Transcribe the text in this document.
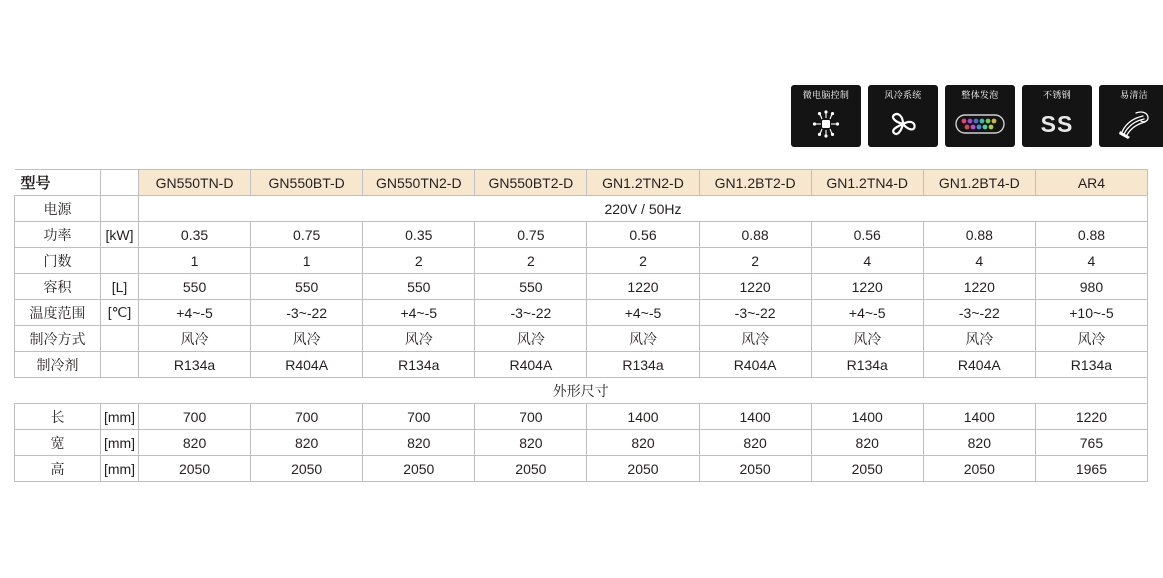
微电脑控制	风冷系统	整体发泡	不锈钢
SS
易清洁
型号		GN550TN-D	GN550BT-D	GN550TN2-D	GN550BT2-D	GN1.2TN2-D	GN1.2BT2-D	GN1.2TN4-D	GN1.2BT4-D	AR4
电源		220V / 50Hz								
功率	[kW]	0.35	0.75	0.35	0.75	0.56	0.88	0.56	0.88	0.88
门数		1	1	2	2	2	2	4	4	4
容积	[L]	550	550	550	550	1220	1220	1220	1220	980
温度范围	[℃]	+4~-5	-3~-22	+4~-5	-3~-22	+4~-5	-3~-22	+4~-5	-3~-22	+10~-5
制冷方式		风冷	风冷	风冷	风冷	风冷	风冷	风冷	风冷	风冷
制冷剂		R134a	R404A	R134a	R404A	R134a	R404A	R134a	R404A	R134a
外形尺寸										
长	[mm]	700	700	700	700	1400	1400	1400	1400	1220
宽	[mm]	820	820	820	820	820	820	820	820	765
高	[mm]	2050	2050	2050	2050	2050	2050	2050	2050	1965
